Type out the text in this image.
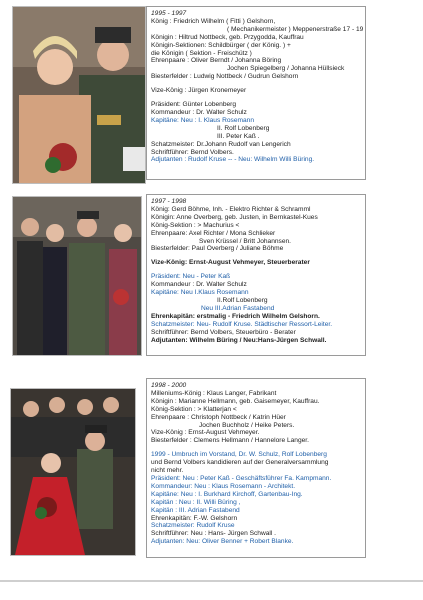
1995 - 1997
König : Friedrich Wilhelm ( Fitti ) Gelshorn,
( Mechanikermeister ) Meppenerstraße 17 - 19
Königin : Hiltrud Nottbeck, geb. Przygodda, Kauffrau
Königin-Sektionen: Schildbürger ( der König. ) +
die Königin ( Sektion - Freischütz )
Ehrenpaare : Oliver Berndt / Johanna Böring
Jochen Spiegelberg / Johanna Hüllsieck
Biesterfelder : Ludwig Nottbeck / Gudrun Gelshorn
Vize-König : Jürgen Kronemeyer
Präsident: Günter Lobenberg
Kommandeur : Dr. Walter Schulz
Kapitäne: Neu : I. Klaus Rosemann
II. Rolf Lobenberg
III. Peter Kaß .
Schatzmeister: Dr.Johann Rudolf van Lengerich
Schriftführer: Bernd Volbers.
Adjutanten : Rudolf Kruse -- - Neu: Wilhelm Willi Büring.
1997 - 1998
König: Gerd Böhme, Inh. - Elektro Richter & Schramml
Königin: Anne Overberg, geb. Justen, in Bernkastel-Kues
König-Sektion : > Machurius <
Ehrenpaare: Axel Richter / Mona Schlieker
Sven Krüssel / Britt Johannsen.
Biesterfelder: Paul Overberg / Juliane Böhme
Vize-König: Ernst-August Vehmeyer, Steuerberater
Präsident: Neu - Peter Kaß
Kommandeur : Dr. Walter Schulz
Kapitäne: Neu I.Klaus Rosemann
II.Rolf Lobenberg
Neu III.Adrian Fastabend
Ehrenkapitän: erstmalig - Friedrich Wilhelm Gelshorn.
Schatzmeister: Neu- Rudolf Kruse. Städtischer Ressort-Leiter.
Schriftführer: Bernd Volbers, Steuerbüro - Berater
Adjutanten: Wilhelm Büring / Neu:Hans-Jürgen Schwall.
1998 - 2000
Milleniums-König : Klaus Langer, Fabrikant
Königin : Marianne Hellmann, geb. Gaisemeyer, Kauffrau.
König-Sektion : > Klatterjan <
Ehrenpaare : Christoph Nottbeck / Katrin Hüer
Jochen Buchholz / Heike Peters.
Vize-König : Ernst-August Vehmeyer.
Biesterfelder : Clemens Hellmann / Hannelore Langer.
1999 - Umbruch im Vorstand, Dr. W. Schulz, Rolf Lobenberg
und Bernd Volbers kandidieren auf der Generalversammlung
nicht mehr.
Präsident: Neu : Peter Kaß - Geschäftsführer Fa. Kampmann.
Kommandeur: Neu : Klaus Rosemann - Architekt.
Kapitäne: Neu : I. Burkhard Kirchoff, Gartenbau-Ing.
Kapitän : Neu : II. Willi Büring ,
Kapitän : III. Adrian Fastabend
Ehrenkapitän: F.-W. Gelshorn
Schatzmeister: Rudolf Kruse
Schriftführer: Neu : Hans- Jürgen Schwall .
Adjutanten: Neu: Oliver Benner + Robert Blanke.
